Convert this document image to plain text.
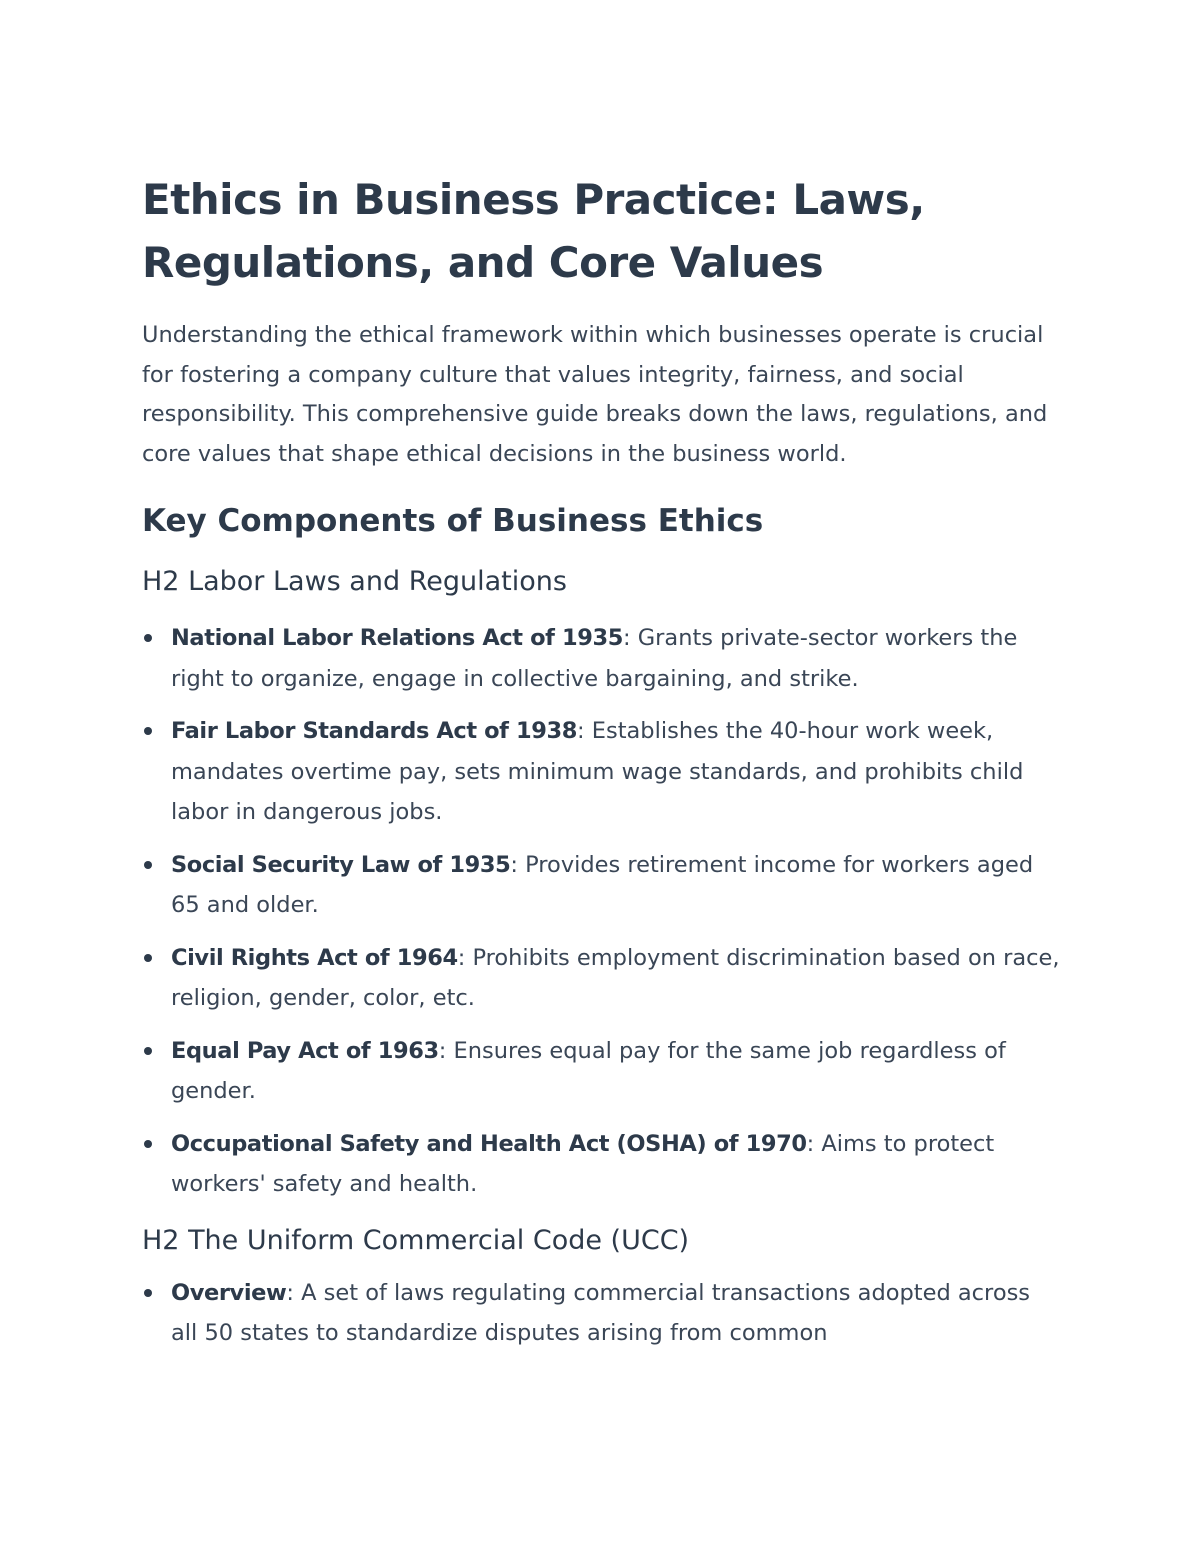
Ethics in Business Practice: Laws, Regulations, and Core Values

Understanding the ethical framework within which businesses operate is crucial for fostering a company culture that values integrity, fairness, and social responsibility. This comprehensive guide breaks down the laws, regulations, and core values that shape ethical decisions in the business world.

Key Components of Business Ethics
H2 Labor Laws and Regulations
National Labor Relations Act of 1935: Grants private-sector workers the right to organize, engage in collective bargaining, and strike.
Fair Labor Standards Act of 1938: Establishes the 40-hour work week, mandates overtime pay, sets minimum wage standards, and prohibits child labor in dangerous jobs.
Social Security Law of 1935: Provides retirement income for workers aged 65 and older.
Civil Rights Act of 1964: Prohibits employment discrimination based on race, religion, gender, color, etc.
Equal Pay Act of 1963: Ensures equal pay for the same job regardless of gender.
Occupational Safety and Health Act (OSHA) of 1970: Aims to protect workers' safety and health.
H2 The Uniform Commercial Code (UCC)
Overview: A set of laws regulating commercial transactions adopted across all 50 states to standardize disputes arising from common
